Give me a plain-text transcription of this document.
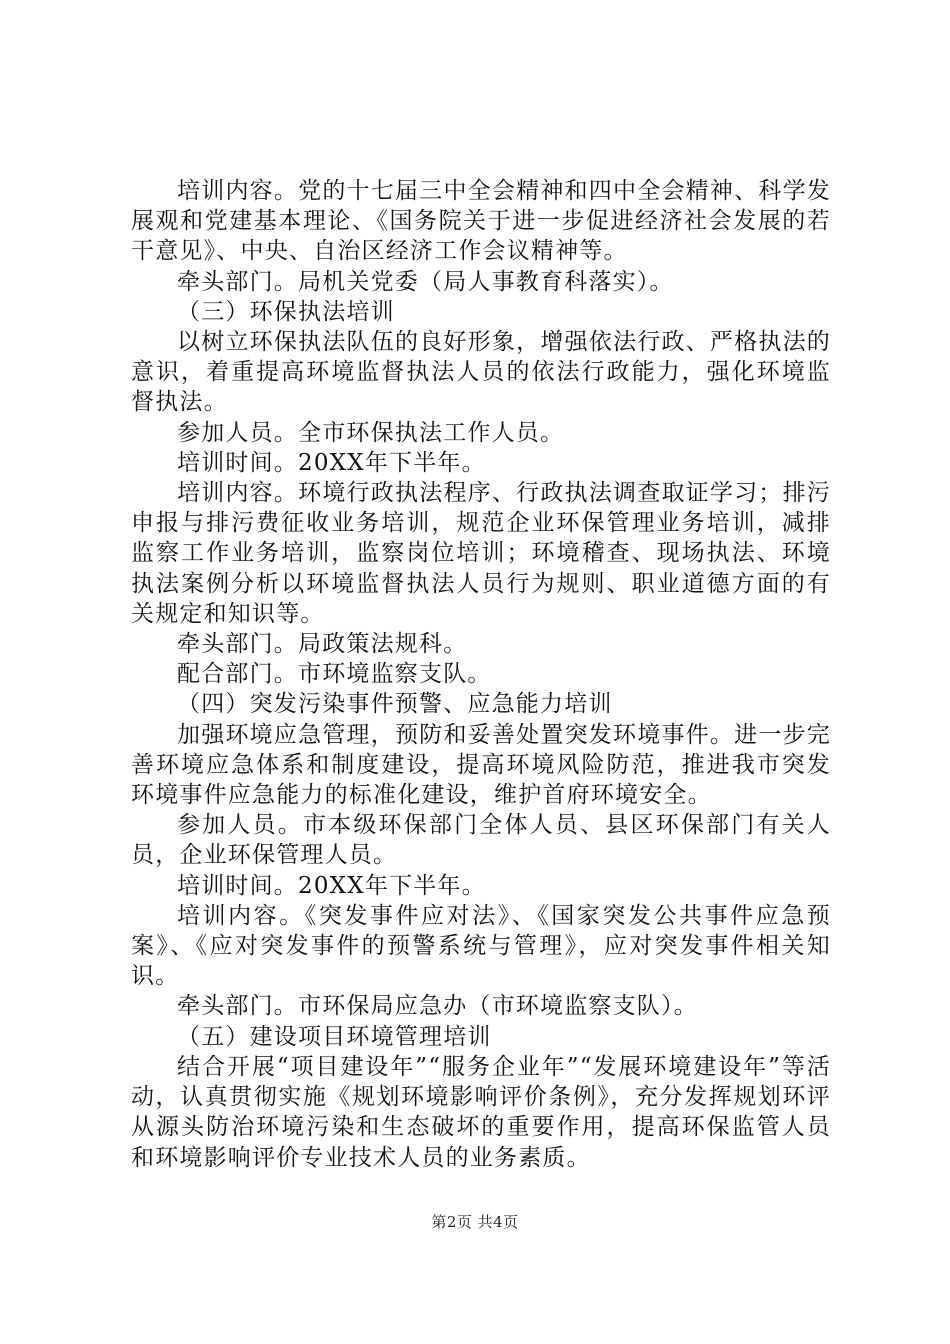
培训内容。党的十七届三中全会精神和四中全会精神、科学发展观和党建基本理论、《国务院关于进一步促进经济社会发展的若干意见》、中央、自治区经济工作会议精神等。

牵头部门。局机关党委（局人事教育科落实）。

（三）环保执法培训

以树立环保执法队伍的良好形象，增强依法行政、严格执法的意识，着重提高环境监督执法人员的依法行政能力，强化环境监督执法。

参加人员。全市环保执法工作人员。

培训时间。20XX年下半年。

培训内容。环境行政执法程序、行政执法调查取证学习；排污申报与排污费征收业务培训，规范企业环保管理业务培训，减排监察工作业务培训，监察岗位培训；环境稽查、现场执法、环境执法案例分析以环境监督执法人员行为规则、职业道德方面的有关规定和知识等。

牵头部门。局政策法规科。

配合部门。市环境监察支队。

（四）突发污染事件预警、应急能力培训

加强环境应急管理，预防和妥善处置突发环境事件。进一步完善环境应急体系和制度建设，提高环境风险防范，推进我市突发环境事件应急能力的标准化建设，维护首府环境安全。

参加人员。市本级环保部门全体人员、县区环保部门有关人员，企业环保管理人员。

培训时间。20XX年下半年。

培训内容。《突发事件应对法》、《国家突发公共事件应急预案》、《应对突发事件的预警系统与管理》，应对突发事件相关知识。

牵头部门。市环保局应急办（市环境监察支队）。

（五）建设项目环境管理培训

结合开展“项目建设年”“服务企业年”“发展环境建设年”等活动，认真贯彻实施《规划环境影响评价条例》，充分发挥规划环评从源头防治环境污染和生态破坏的重要作用，提高环保监管人员和环境影响评价专业技术人员的业务素质。

第2页 共4页
